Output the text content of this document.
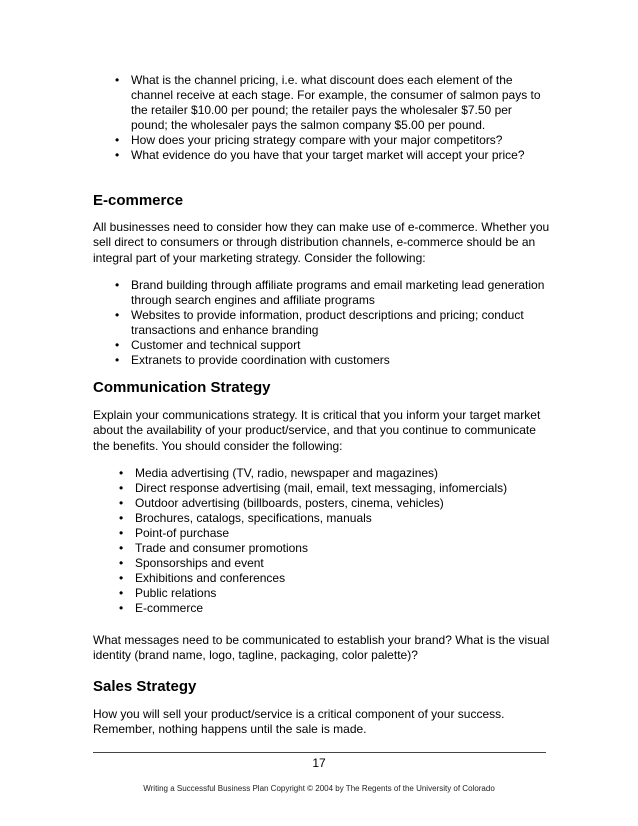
• What is the channel pricing, i.e. what discount does each element of the channel receive at each stage. For example, the consumer of salmon pays to the retailer $10.00 per pound; the retailer pays the wholesaler $7.50 per pound; the wholesaler pays the salmon company $5.00 per pound.
• How does your pricing strategy compare with your major competitors?
• What evidence do you have that your target market will accept your price?
E-commerce

All businesses need to consider how they can make use of e-commerce. Whether you sell direct to consumers or through distribution channels, e-commerce should be an integral part of your marketing strategy. Consider the following:

• Brand building through affiliate programs and email marketing lead generation through search engines and affiliate programs
• Websites to provide information, product descriptions and pricing; conduct transactions and enhance branding
• Customer and technical support
• Extranets to provide coordination with customers
Communication Strategy

Explain your communications strategy. It is critical that you inform your target market about the availability of your product/service, and that you continue to communicate the benefits. You should consider the following:

• Media advertising (TV, radio, newspaper and magazines)
• Direct response advertising (mail, email, text messaging, infomercials)
• Outdoor advertising (billboards, posters, cinema, vehicles)
• Brochures, catalogs, specifications, manuals
• Point-of purchase
• Trade and consumer promotions
• Sponsorships and event
• Exhibitions and conferences
• Public relations
• E-commerce

What messages need to be communicated to establish your brand? What is the visual identity (brand name, logo, tagline, packaging, color palette)?

Sales Strategy

How you will sell your product/service is a critical component of your success. Remember, nothing happens until the sale is made.

17
Writing a Successful Business Plan Copyright © 2004 by The Regents of the University of Colorado
